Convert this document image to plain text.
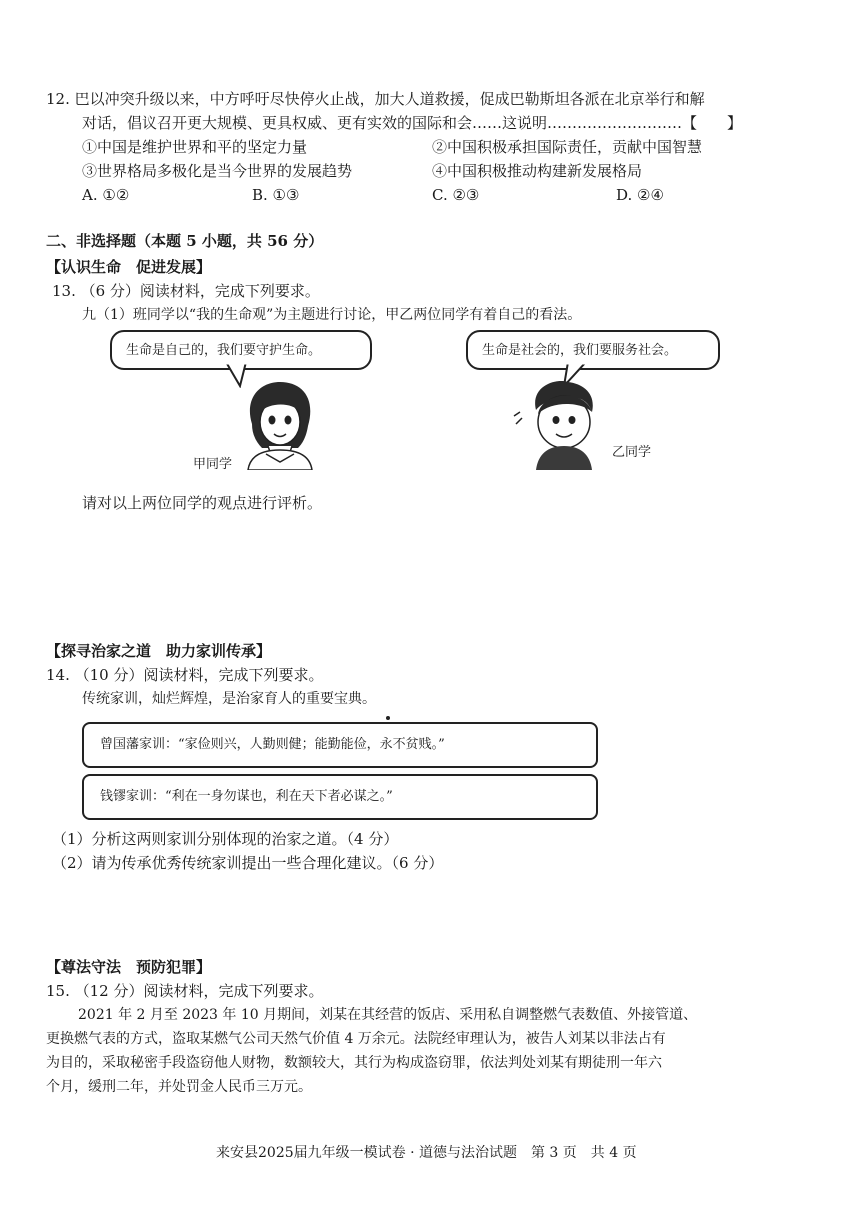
12. 巴以冲突升级以来，中方呼吁尽快停火止战，加大人道救援，促成巴勒斯坦各派在北京举行和解
对话，倡议召开更大规模、更具权威、更有实效的国际和会……这说明………………………【　　】
①中国是维护世界和平的坚定力量	②中国积极承担国际责任，贡献中国智慧
③世界格局多极化是当今世界的发展趋势	④中国积极推动构建新发展格局
A. ①②	B. ①③	C. ②③	D. ②④
二、非选择题（本题 5 小题，共 56 分）
【认识生命　促进发展】
13. （6 分）阅读材料，完成下列要求。
九（1）班同学以“我的生命观”为主题进行讨论，甲乙两位同学有着自己的看法。
生命是自己的，我们要守护生命。	生命是社会的，我们要服务社会。
甲同学
乙同学
请对以上两位同学的观点进行评析。
【探寻治家之道　助力家训传承】
14. （10 分）阅读材料，完成下列要求。
传统家训，灿烂辉煌，是治家育人的重要宝典。
曾国藩家训：“家俭则兴，人勤则健；能勤能俭，永不贫贱。”
钱镠家训：“利在一身勿谋也，利在天下者必谋之。”
（1）分析这两则家训分别体现的治家之道。（4 分）
（2）请为传承优秀传统家训提出一些合理化建议。（6 分）
【尊法守法　预防犯罪】
15. （12 分）阅读材料，完成下列要求。
2021 年 2 月至 2023 年 10 月期间，刘某在其经营的饭店、采用私自调整燃气表数值、外接管道、
更换燃气表的方式，盗取某燃气公司天然气价值 4 万余元。法院经审理认为，被告人刘某以非法占有
为目的，采取秘密手段盗窃他人财物，数额较大，其行为构成盗窃罪，依法判处刘某有期徒刑一年六
个月，缓刑二年，并处罚金人民币三万元。
来安县2025届九年级一模试卷 · 道德与法治试题　第 3 页　共 4 页
